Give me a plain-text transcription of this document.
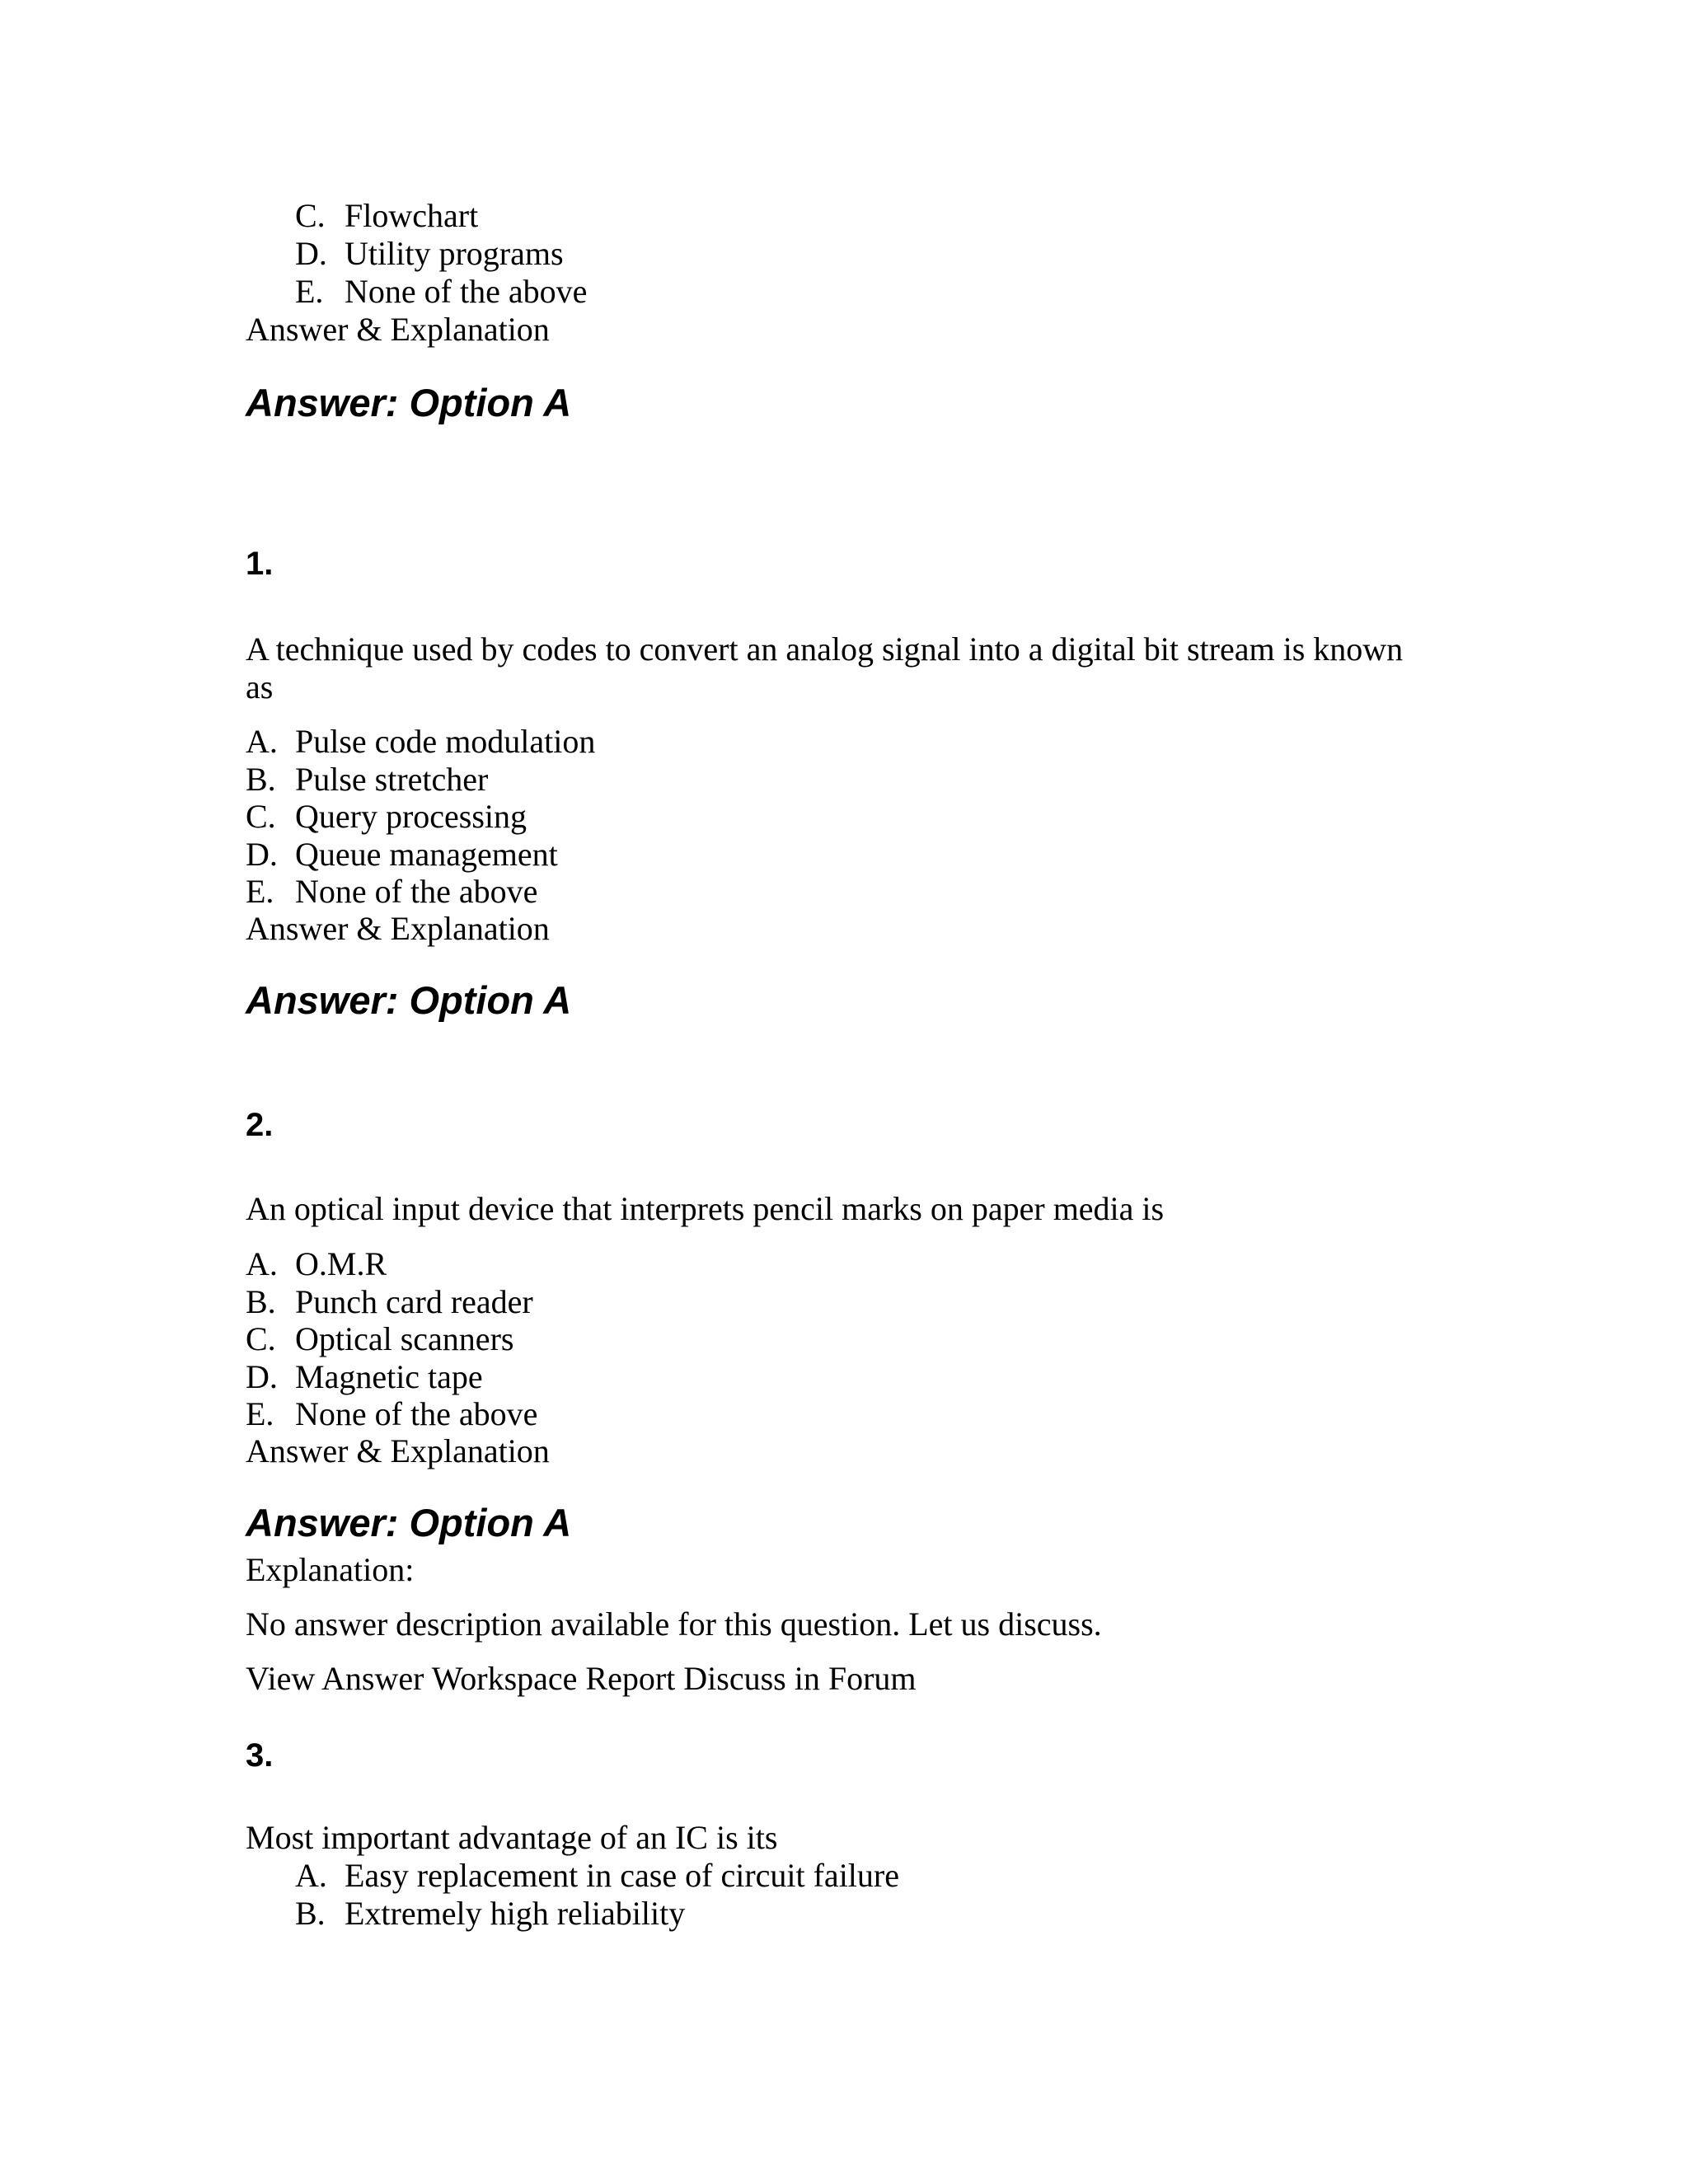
C. Flowchart
D. Utility programs
E. None of the above
Answer & Explanation
Answer: Option A
1.
A technique used by codes to convert an analog signal into a digital bit stream is known
as
A. Pulse code modulation
B. Pulse stretcher
C. Query processing
D. Queue management
E. None of the above
Answer & Explanation
Answer: Option A
2.
An optical input device that interprets pencil marks on paper media is
A. O.M.R
B. Punch card reader
C. Optical scanners
D. Magnetic tape
E. None of the above
Answer & Explanation
Answer: Option A
Explanation:
No answer description available for this question. Let us discuss.
View Answer Workspace Report Discuss in Forum
3.
Most important advantage of an IC is its
A. Easy replacement in case of circuit failure
B. Extremely high reliability
